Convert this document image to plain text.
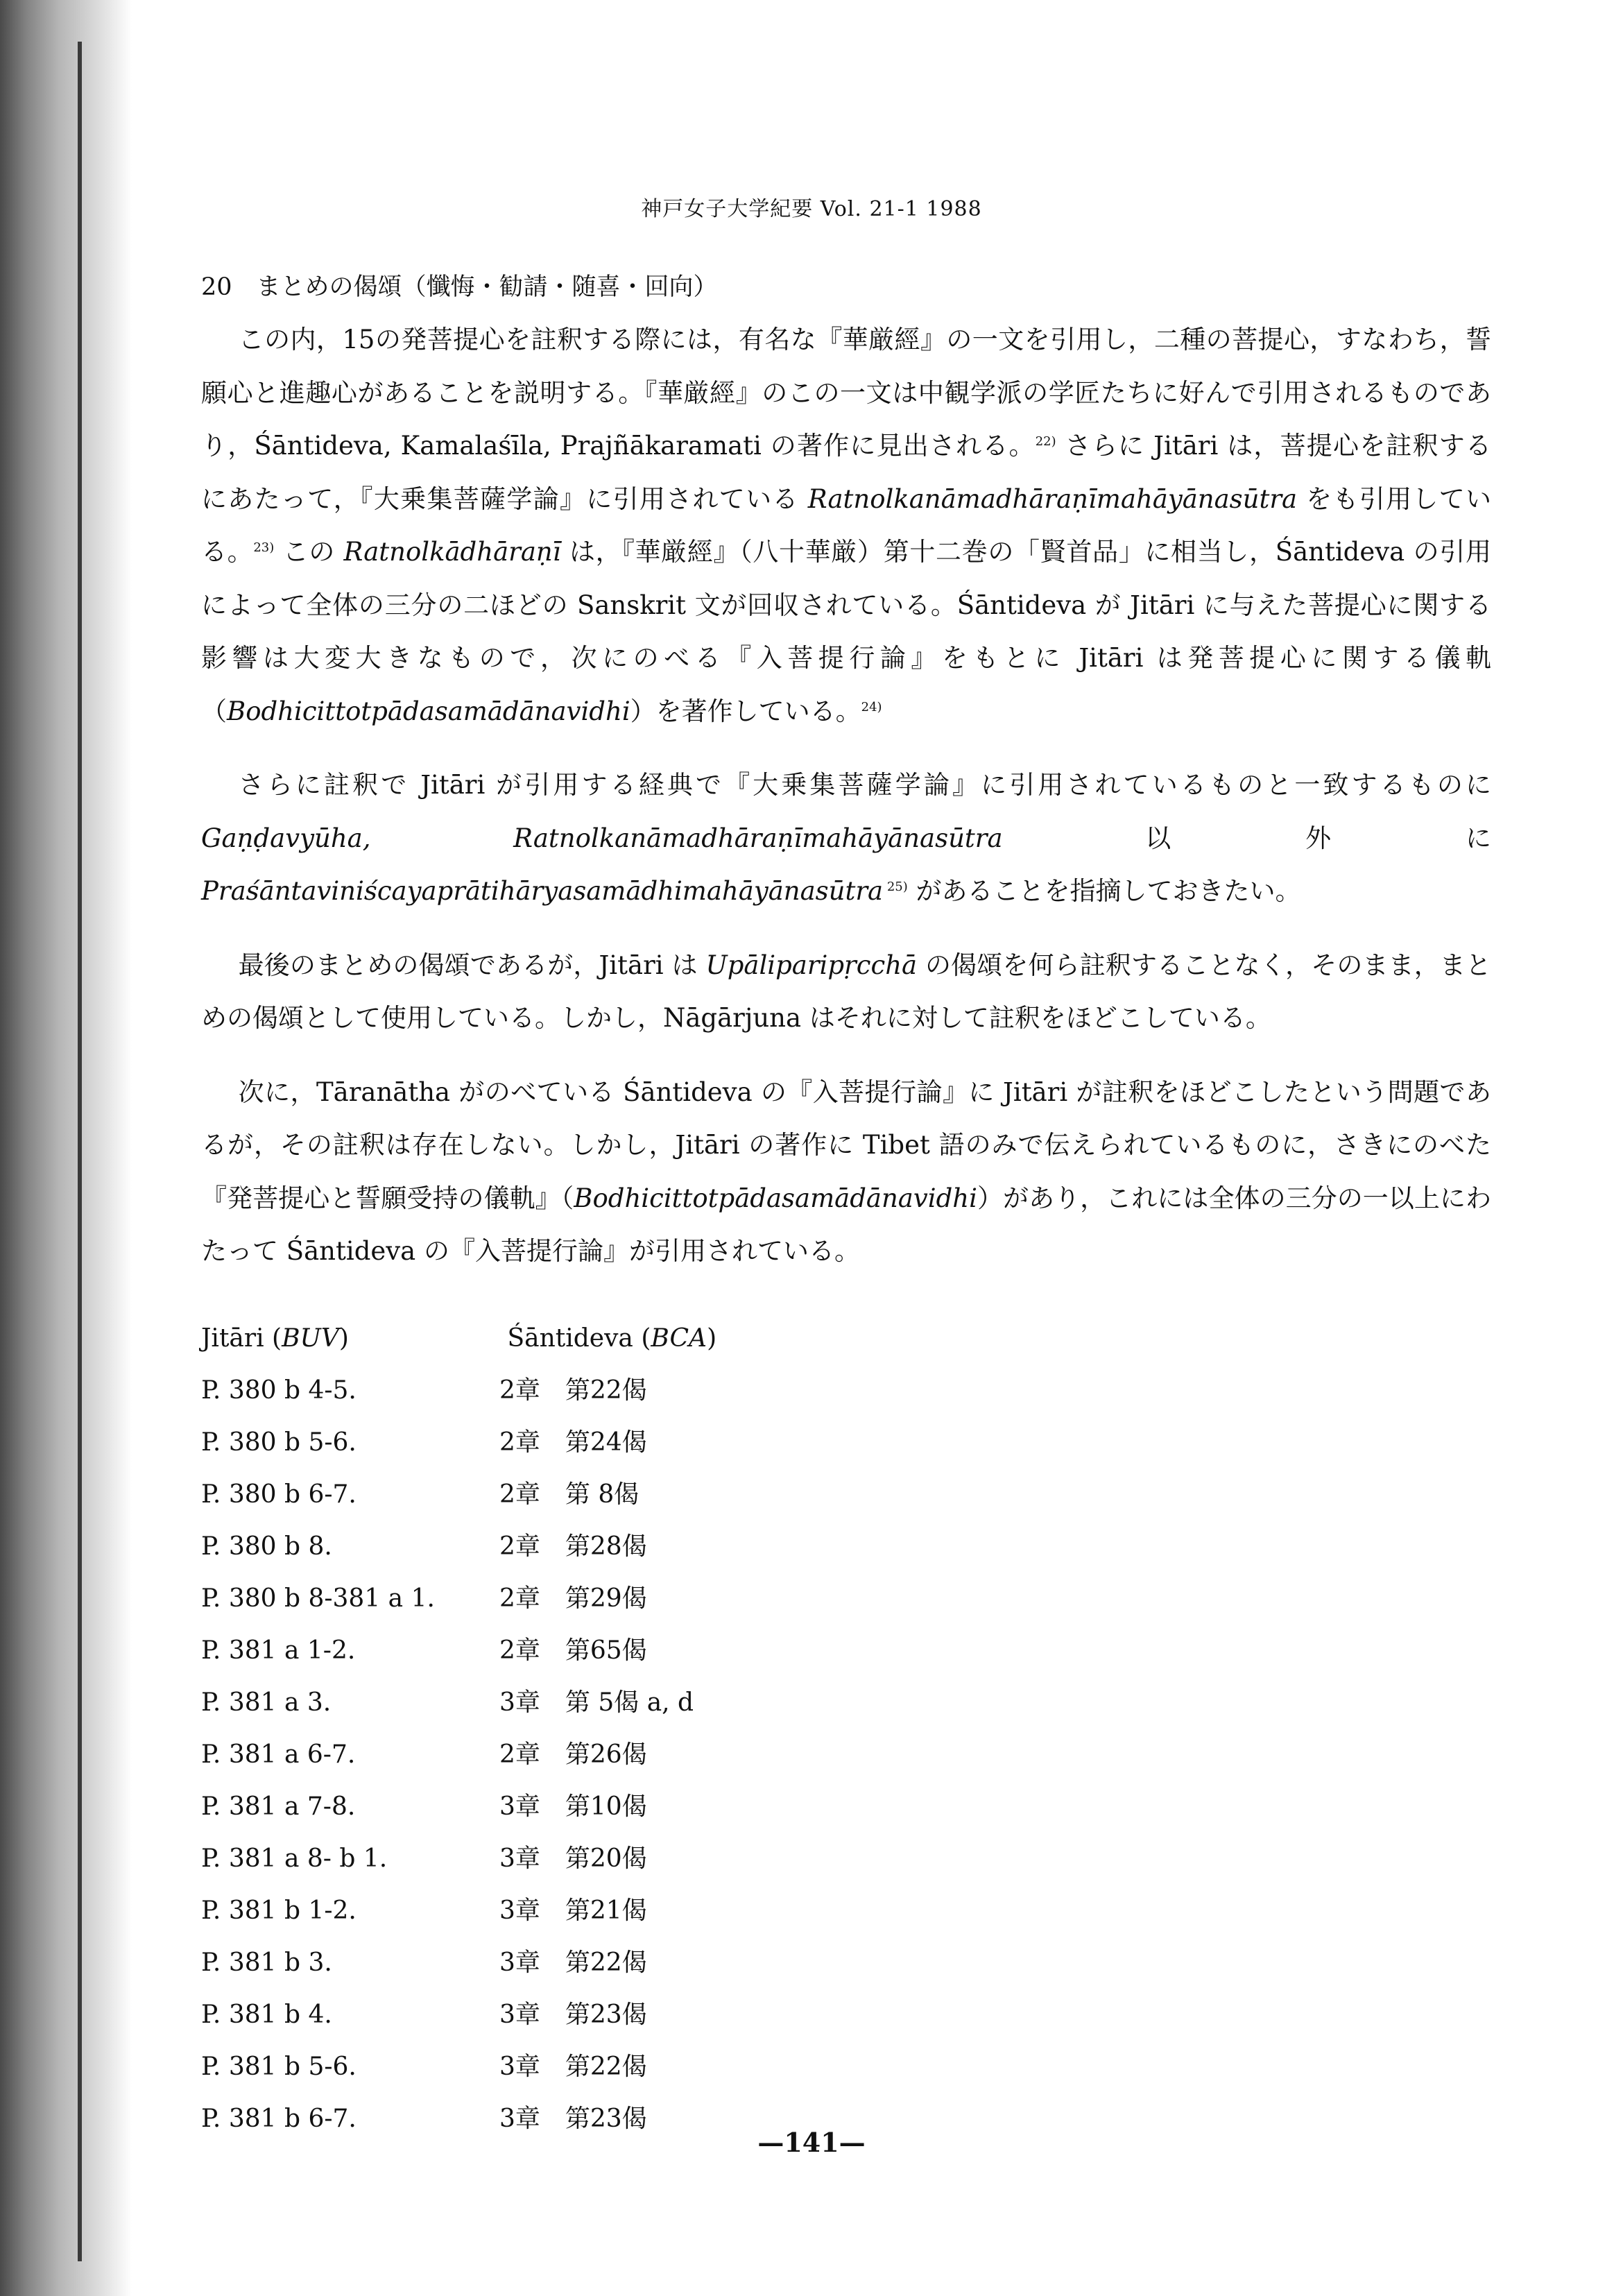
神戸女子大学紀要 Vol. 21-1 1988
20　まとめの偈頌（懺悔・勧請・随喜・回向）

この内，15の発菩提心を註釈する際には，有名な『華厳經』の一文を引用し，二種の菩提心，すなわち，誓願心と進趣心があることを説明する。『華厳經』のこの一文は中観学派の学匠たちに好んで引用されるものであり，Śāntideva, Kamalaśīla, Prajñākaramati の著作に見出される。$^{22)}$ さらに Jitāri は，菩提心を註釈するにあたって，『大乗集菩薩学論』に引用されている Ratnolkanāmadhāraṇīmahāyānasūtra をも引用している。$^{23)}$ この Ratnolkādhāraṇī は，『華厳經』（八十華厳）第十二巻の「賢首品」に相当し，Śāntideva の引用によって全体の三分の二ほどの Sanskrit 文が回収されている。Śāntideva が Jitāri に与えた菩提心に関する影響は大変大きなもので，次にのべる『入菩提行論』をもとに Jitāri は発菩提心に関する儀軌（Bodhicittotpādasamādānavidhi）を著作している。$^{24)}$

さらに註釈で Jitāri が引用する経典で『大乗集菩薩学論』に引用されているものと一致するものに Gaṇḍavyūha, Ratnolkanāmadhāraṇīmahāyānasūtra 以外に Praśāntaviniścayaprātihāryasamādhimahāyānasūtra $^{25)}$ があることを指摘しておきたい。

最後のまとめの偈頌であるが，Jitāri は Upāliparipṛcchā の偈頌を何ら註釈することなく，そのまま，まとめの偈頌として使用している。しかし，Nāgārjuna はそれに対して註釈をほどこしている。

次に，Tāranātha がのべている Śāntideva の『入菩提行論』に Jitāri が註釈をほどこしたという問題であるが，その註釈は存在しない。しかし，Jitāri の著作に Tibet 語のみで伝えられているものに，さきにのべた『発菩提心と誓願受持の儀軌』（Bodhicittotpādasamādānavidhi）があり，これには全体の三分の一以上にわたって Śāntideva の『入菩提行論』が引用されている。

Jitāri (BUV)	Śāntideva (BCA)
P. 380 b 4-5.	2章　第22偈
P. 380 b 5-6.	2章　第24偈
P. 380 b 6-7.	2章　第 8偈
P. 380 b 8.	2章　第28偈
P. 380 b 8-381 a 1.	2章　第29偈
P. 381 a 1-2.	2章　第65偈
P. 381 a 3.	3章　第 5偈 a, d
P. 381 a 6-7.	2章　第26偈
P. 381 a 7-8.	3章　第10偈
P. 381 a 8- b 1.	3章　第20偈
P. 381 b 1-2.	3章　第21偈
P. 381 b 3.	3章　第22偈
P. 381 b 4.	3章　第23偈
P. 381 b 5-6.	3章　第22偈
P. 381 b 6-7.	3章　第23偈
—141—
